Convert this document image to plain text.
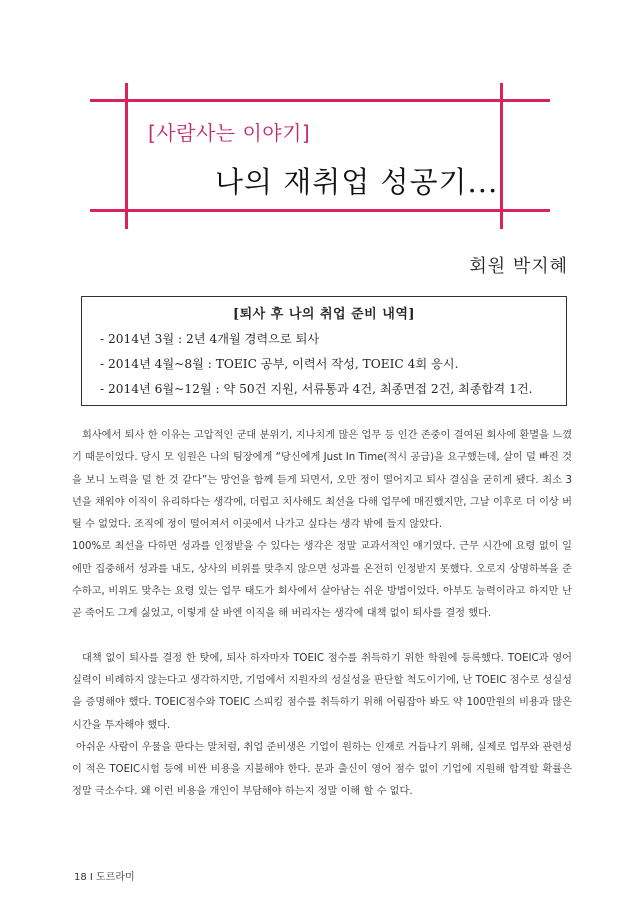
[사람사는 이야기]
나의 재취업 성공기...
회원 박지혜
[퇴사 후 나의 취업 준비 내역]
- 2014년 3월 : 2년 4개월 경력으로 퇴사
- 2014년 4월~8월 : TOEIC 공부, 이력서 작성, TOEIC 4회 응시.
- 2014년 6월~12월 : 약 50건 지원, 서류통과 4건, 최종면접 2건, 최종합격 1건.

회사에서 퇴사 한 이유는 고압적인 군대 분위기, 지나치게 많은 업무 등 인간 존중이 결여된 회사에 환멸을 느꼈기 때문이었다. 당시 모 임원은 나의 팀장에게 “당신에게 Just In Time(적시 공급)을 요구했는데, 살이 덜 빠진 것을 보니 노력을 덜 한 것 같다”는 망언을 함께 듣게 되면서, 오만 정이 떨어지고 퇴사 결심을 굳히게 됐다. 최소 3년을 채워야 이직이 유리하다는 생각에, 더럽고 치사해도 최선을 다해 업무에 매진했지만, 그날 이후로 더 이상 버틸 수 없었다. 조직에 정이 떨어져서 이곳에서 나가고 싶다는 생각 밖에 들지 않았다.

100%로 최선을 다하면 성과를 인정받을 수 있다는 생각은 정말 교과서적인 얘기였다. 근무 시간에 요령 없이 일에만 집중해서 성과를 내도, 상사의 비위를 맞추지 않으면 성과를 온전히 인정받지 못했다. 오로지 상명하복을 준수하고, 비위도 맞추는 요령 있는 업무 태도가 회사에서 살아남는 쉬운 방법이었다. 아부도 능력이라고 하지만 난 곧 죽어도 그게 싫었고, 이렇게 살 바엔 이직을 해 버리자는 생각에 대책 없이 퇴사를 결정 했다.

대책 없이 퇴사를 결정 한 탓에, 퇴사 하자마자 TOEIC 점수를 취득하기 위한 학원에 등록했다. TOEIC과 영어실력이 비례하지 않는다고 생각하지만, 기업에서 지원자의 성실성을 판단할 척도이기에, 난 TOEIC 점수로 성실성을 증명해야 했다. TOEIC점수와 TOEIC 스피킹 점수를 취득하기 위해 어림잡아 봐도 약 100만원의 비용과 많은 시간을 투자해야 했다.

아쉬운 사람이 우물을 판다는 말처럼, 취업 준비생은 기업이 원하는 인재로 거듭나기 위해, 실제로 업무와 관련성이 적은 TOEIC시험 등에 비싼 비용을 지불해야 한다. 문과 출신이 영어 점수 없이 기업에 지원해 합격할 확률은 정말 극소수다. 왜 이런 비용을 개인이 부담해야 하는지 정말 이해 할 수 없다.

18 I 도르라미
